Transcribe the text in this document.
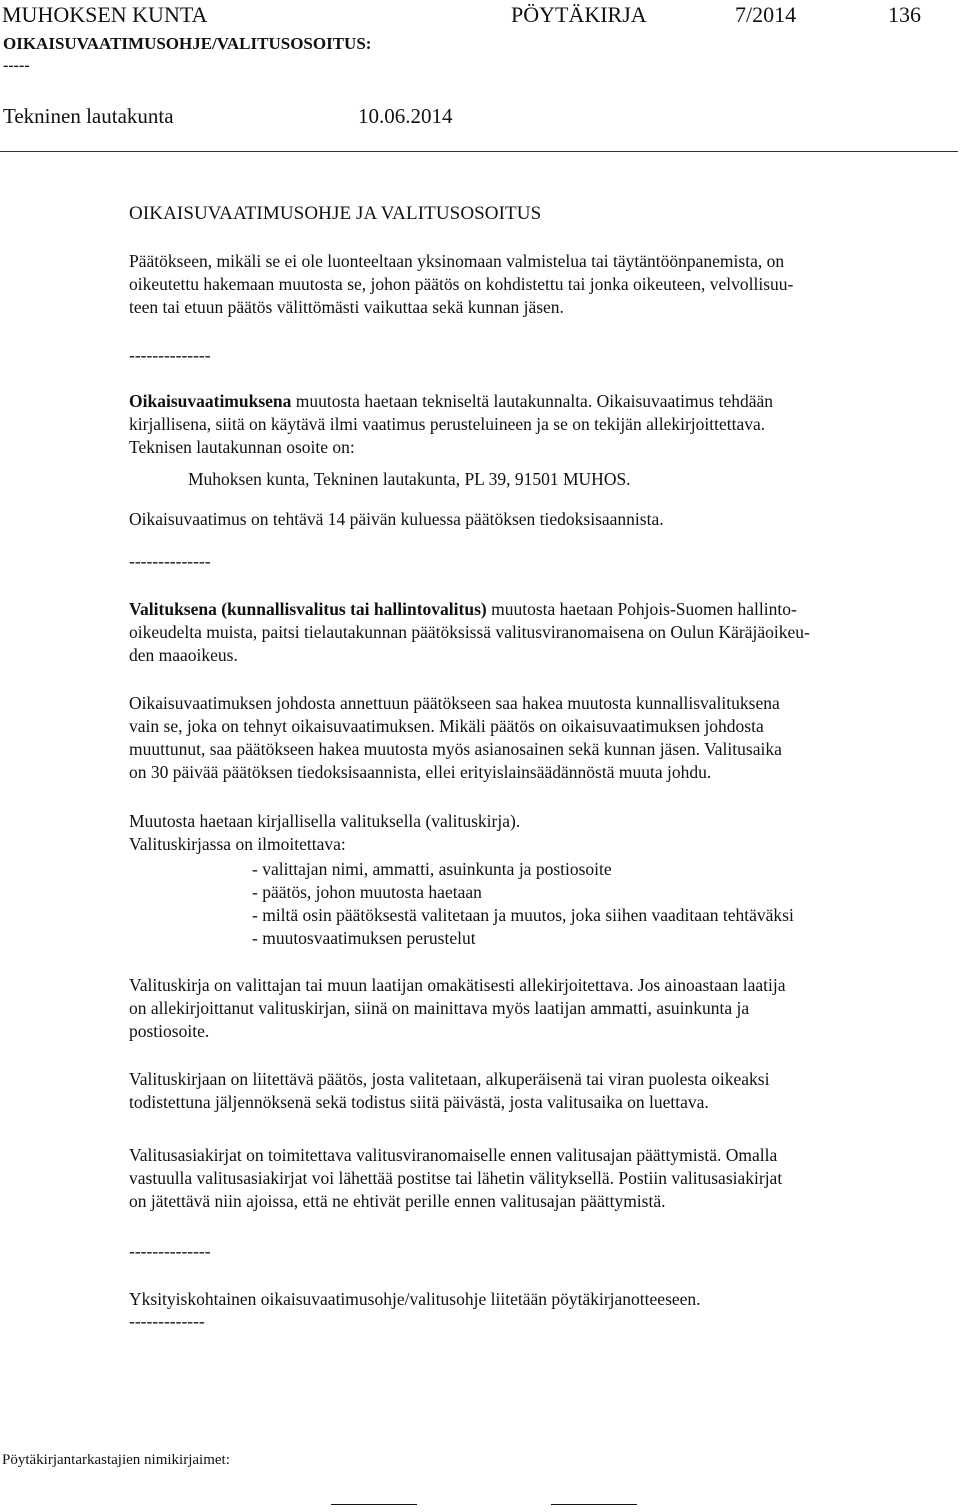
MUHOKSEN KUNTA	PÖYTÄKIRJA	7/2014	136
OIKAISUVAATIMUSOHJE/VALITUSOSOITUS:
-----
Tekninen lautakunta	10.06.2014
OIKAISUVAATIMUSOHJE JA VALITUSOSOITUS

Päätökseen, mikäli se ei ole luonteeltaan yksinomaan valmistelua tai täytäntöönpanemista, on

oikeutettu hakemaan muutosta se, johon päätös on kohdistettu tai jonka oikeuteen, velvollisuu-

teen tai etuun päätös välittömästi vaikuttaa sekä kunnan jäsen.

--------------

Oikaisuvaatimuksena muutosta haetaan tekniseltä lautakunnalta. Oikaisuvaatimus tehdään

kirjallisena, siitä on käytävä ilmi vaatimus perusteluineen ja se on tekijän allekirjoittettava.

Teknisen lautakunnan osoite on:

Muhoksen kunta, Tekninen lautakunta, PL 39, 91501 MUHOS.
Oikaisuvaatimus on tehtävä 14 päivän kuluessa päätöksen tiedoksisaannista.
--------------

Valituksena (kunnallisvalitus tai hallintovalitus) muutosta haetaan Pohjois-Suomen hallinto-

oikeudelta muista, paitsi tielautakunnan päätöksissä valitusviranomaisena on Oulun Käräjäoikeu-

den maaoikeus.

Oikaisuvaatimuksen johdosta annettuun päätökseen saa hakea muutosta kunnallisvalituksena

vain se, joka on tehnyt oikaisuvaatimuksen. Mikäli päätös on oikaisuvaatimuksen johdosta

muuttunut, saa päätökseen hakea muutosta myös asianosainen sekä kunnan jäsen. Valitusaika

on 30 päivää päätöksen tiedoksisaannista, ellei erityislainsäädännöstä muuta johdu.

Muutosta haetaan kirjallisella valituksella (valituskirja).

Valituskirjassa on ilmoitettava:

- valittajan nimi, ammatti, asuinkunta ja postiosoite

- päätös, johon muutosta haetaan

- miltä osin päätöksestä valitetaan ja muutos, joka siihen vaaditaan tehtäväksi

- muutosvaatimuksen perustelut

Valituskirja on valittajan tai muun laatijan omakätisesti allekirjoitettava. Jos ainoastaan laatija

on allekirjoittanut valituskirjan, siinä on mainittava myös laatijan ammatti, asuinkunta ja

postiosoite.

Valituskirjaan on liitettävä päätös, josta valitetaan, alkuperäisenä tai viran puolesta oikeaksi

todistettuna jäljennöksenä sekä todistus siitä päivästä, josta valitusaika on luettava.

Valitusasiakirjat on toimitettava valitusviranomaiselle ennen valitusajan päättymistä. Omalla

vastuulla valitusasiakirjat voi lähettää postitse tai lähetin välityksellä. Postiin valitusasiakirjat

on jätettävä niin ajoissa, että ne ehtivät perille ennen valitusajan päättymistä.

--------------
Yksityiskohtainen oikaisuvaatimusohje/valitusohje liitetään pöytäkirjanotteeseen.
-------------
Pöytäkirjantarkastajien nimikirjaimet:
